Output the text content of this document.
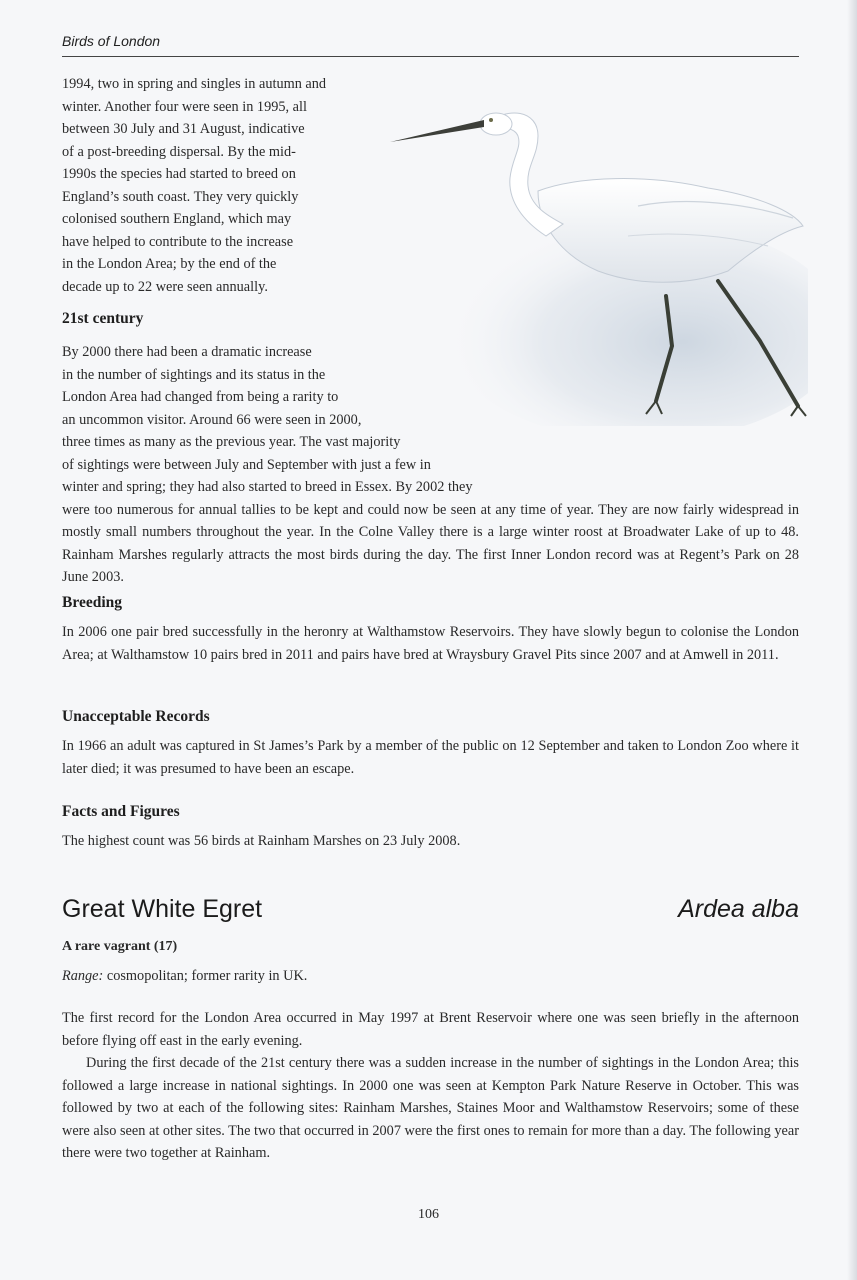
Birds of London

1994, two in spring and singles in autumn and

winter. Another four were seen in 1995, all

between 30 July and 31 August, indicative

of a post-breeding dispersal. By the mid-

1990s the species had started to breed on

England’s south coast. They very quickly

colonised southern England, which may

have helped to contribute to the increase

in the London Area; by the end of the

decade up to 22 were seen annually.

21st century

By 2000 there had been a dramatic increase

in the number of sightings and its status in the

London Area had changed from being a rarity to

an uncommon visitor. Around 66 were seen in 2000,

three times as many as the previous year. The vast majority

of sightings were between July and September with just a few in

winter and spring; they had also started to breed in Essex. By 2002 they

were too numerous for annual tallies to be kept and could now be seen at any time of year. They are now fairly widespread in mostly small numbers throughout the year. In the Colne Valley there is a large winter roost at Broadwater Lake of up to 48. Rainham Marshes regularly attracts the most birds during the day. The first Inner London record was at Regent’s Park on 28 June 2003.

Breeding

In 2006 one pair bred successfully in the heronry at Walthamstow Reservoirs. They have slowly begun to colonise the London Area; at Walthamstow 10 pairs bred in 2011 and pairs have bred at Wraysbury Gravel Pits since 2007 and at Amwell in 2011.

Unacceptable Records

In 1966 an adult was captured in St James’s Park by a member of the public on 12 September and taken to London Zoo where it later died; it was presumed to have been an escape.

Facts and Figures

The highest count was 56 birds at Rainham Marshes on 23 July 2008.

Great White Egret	Ardea alba

A rare vagrant (17)

Range: cosmopolitan; former rarity in UK.

The first record for the London Area occurred in May 1997 at Brent Reservoir where one was seen briefly in the afternoon before flying off east in the early evening.

During the first decade of the 21st century there was a sudden increase in the number of sightings in the London Area; this followed a large increase in national sightings. In 2000 one was seen at Kempton Park Nature Reserve in October. This was followed by two at each of the following sites: Rainham Marshes, Staines Moor and Walthamstow Reservoirs; some of these were also seen at other sites. The two that occurred in 2007 were the first ones to remain for more than a day. The following year there were two together at Rainham.

106
